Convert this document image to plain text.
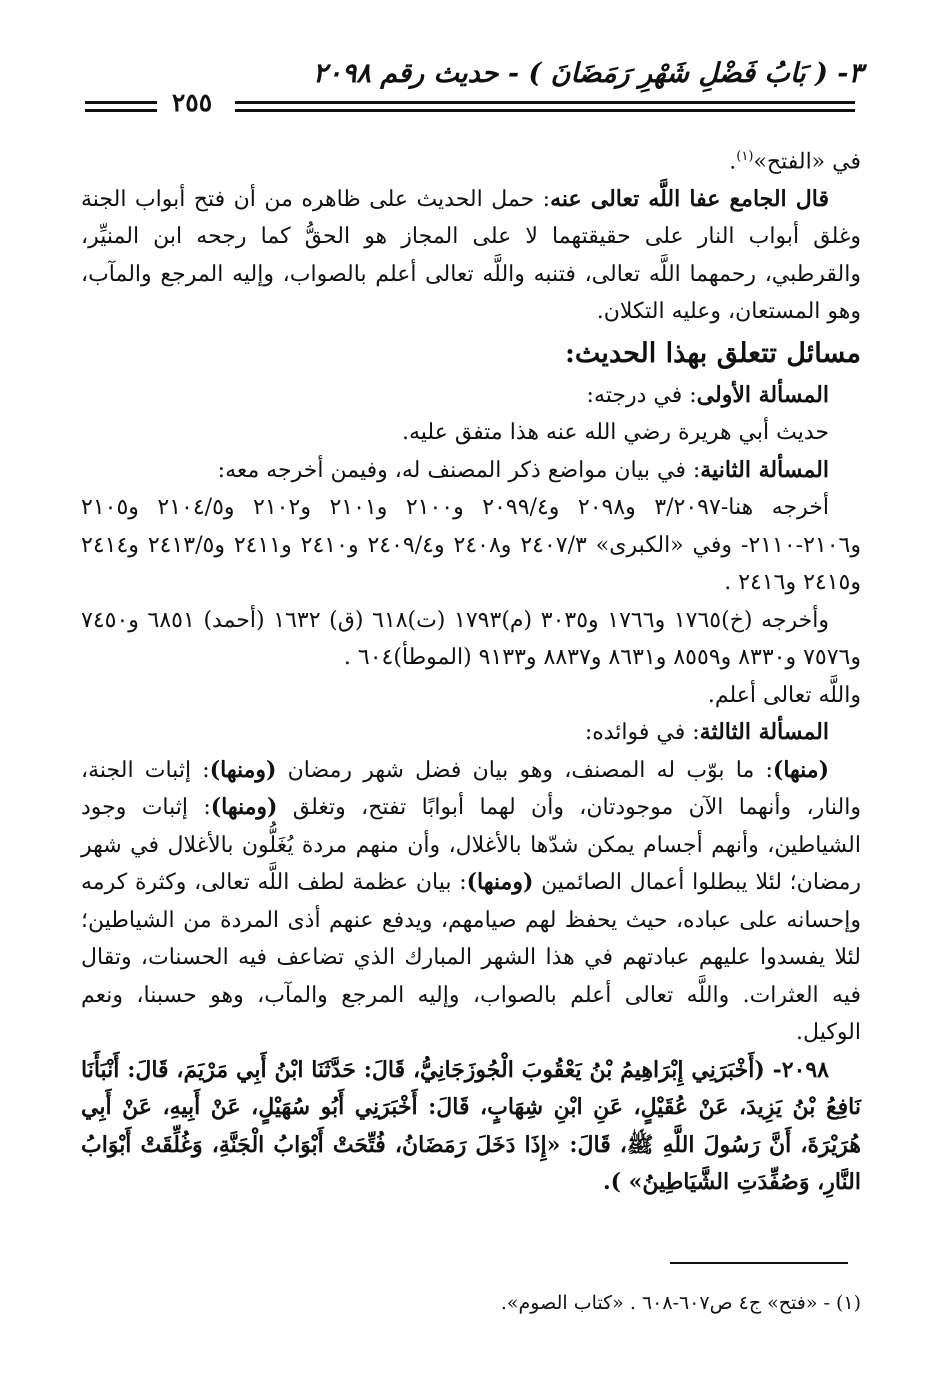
٣- ( بَابُ فَضْلِ شَهْرِ رَمَضَانَ ) - حديث رقم ٢٠٩٨
٢٥٥

في «الفتح»$^{(١)}$.

قال الجامع عفا اللَّه تعالى عنه: حمل الحديث على ظاهره من أن فتح أبواب الجنة وغلق أبواب النار على حقيقتهما لا على المجاز هو الحقُّ كما رجحه ابن المنيِّر، والقرطبي، رحمهما اللَّه تعالى، فتنبه واللَّه تعالى أعلم بالصواب، وإليه المرجع والمآب، وهو المستعان، وعليه التكلان.

مسائل تتعلق بهذا الحديث:

المسألة الأولى: في درجته:

حديث أبي هريرة رضي الله عنه هذا متفق عليه.

المسألة الثانية: في بيان مواضع ذكر المصنف له، وفيمن أخرجه معه:

أخرجه هنا-٣/٢٠٩٧ و٢٠٩٨ و٢٠٩٩/٤ و٢١٠٠ و٢١٠١ و٢١٠٢ و٢١٠٤/٥ و٢١٠٥ و٢١٠٦-٢١١٠- وفي «الكبرى» ٢٤٠٧/٣ و٢٤٠٨ و٢٤٠٩/٤ و٢٤١٠ و٢٤١١ و٢٤١٣/٥ و٢٤١٤ و٢٤١٥ و٢٤١٦ .

وأخرجه (خ)١٧٦٥ و١٧٦٦ و٣٠٣٥ (م)١٧٩٣ (ت)٦١٨ (ق) ١٦٣٢ (أحمد) ٦٨٥١ و٧٤٥٠ و٧٥٧٦ و٨٣٣٠ و٨٥٥٩ و٨٦٣١ و٨٨٣٧ و٩١٣٣ (الموطأ)٦٠٤ .

واللَّه تعالى أعلم.

المسألة الثالثة: في فوائده:

(منها): ما بوّب له المصنف، وهو بيان فضل شهر رمضان (ومنها): إثبات الجنة، والنار، وأنهما الآن موجودتان، وأن لهما أبوابًا تفتح، وتغلق (ومنها): إثبات وجود الشياطين، وأنهم أجسام يمكن شدّها بالأغلال، وأن منهم مردة يُغَلُّون بالأغلال في شهر رمضان؛ لئلا يبطلوا أعمال الصائمين (ومنها): بيان عظمة لطف اللَّه تعالى، وكثرة كرمه وإحسانه على عباده، حيث يحفظ لهم صيامهم، ويدفع عنهم أذى المردة من الشياطين؛ لئلا يفسدوا عليهم عبادتهم في هذا الشهر المبارك الذي تضاعف فيه الحسنات، وتقال فيه العثرات. واللَّه تعالى أعلم بالصواب، وإليه المرجع والمآب، وهو حسبنا، ونعم الوكيل.

٢٠٩٨- (أَخْبَرَنِي إِبْرَاهِيمُ بْنُ يَعْقُوبَ الْجُوزَجَانِيُّ، قَالَ: حَدَّثَنَا ابْنُ أَبِي مَرْيَمَ، قَالَ: أَنْبَأَنَا نَافِعُ بْنُ يَزِيدَ، عَنْ عُقَيْلٍ، عَنِ ابْنِ شِهَابٍ، قَالَ: أَخْبَرَنِي أَبُو سُهَيْلٍ، عَنْ أَبِيهِ، عَنْ أَبِي هُرَيْرَةَ، أَنَّ رَسُولَ اللَّهِ ﷺ، قَالَ: «إِذَا دَخَلَ رَمَضَانُ، فُتِّحَتْ أَبْوَابُ الْجَنَّةِ، وَغُلِّقَتْ أَبْوَابُ النَّارِ، وَصُفِّدَتِ الشَّيَاطِينُ» ).

(١) - «فتح» ج٤ ص٦٠٧-٦٠٨ . «كتاب الصوم».
